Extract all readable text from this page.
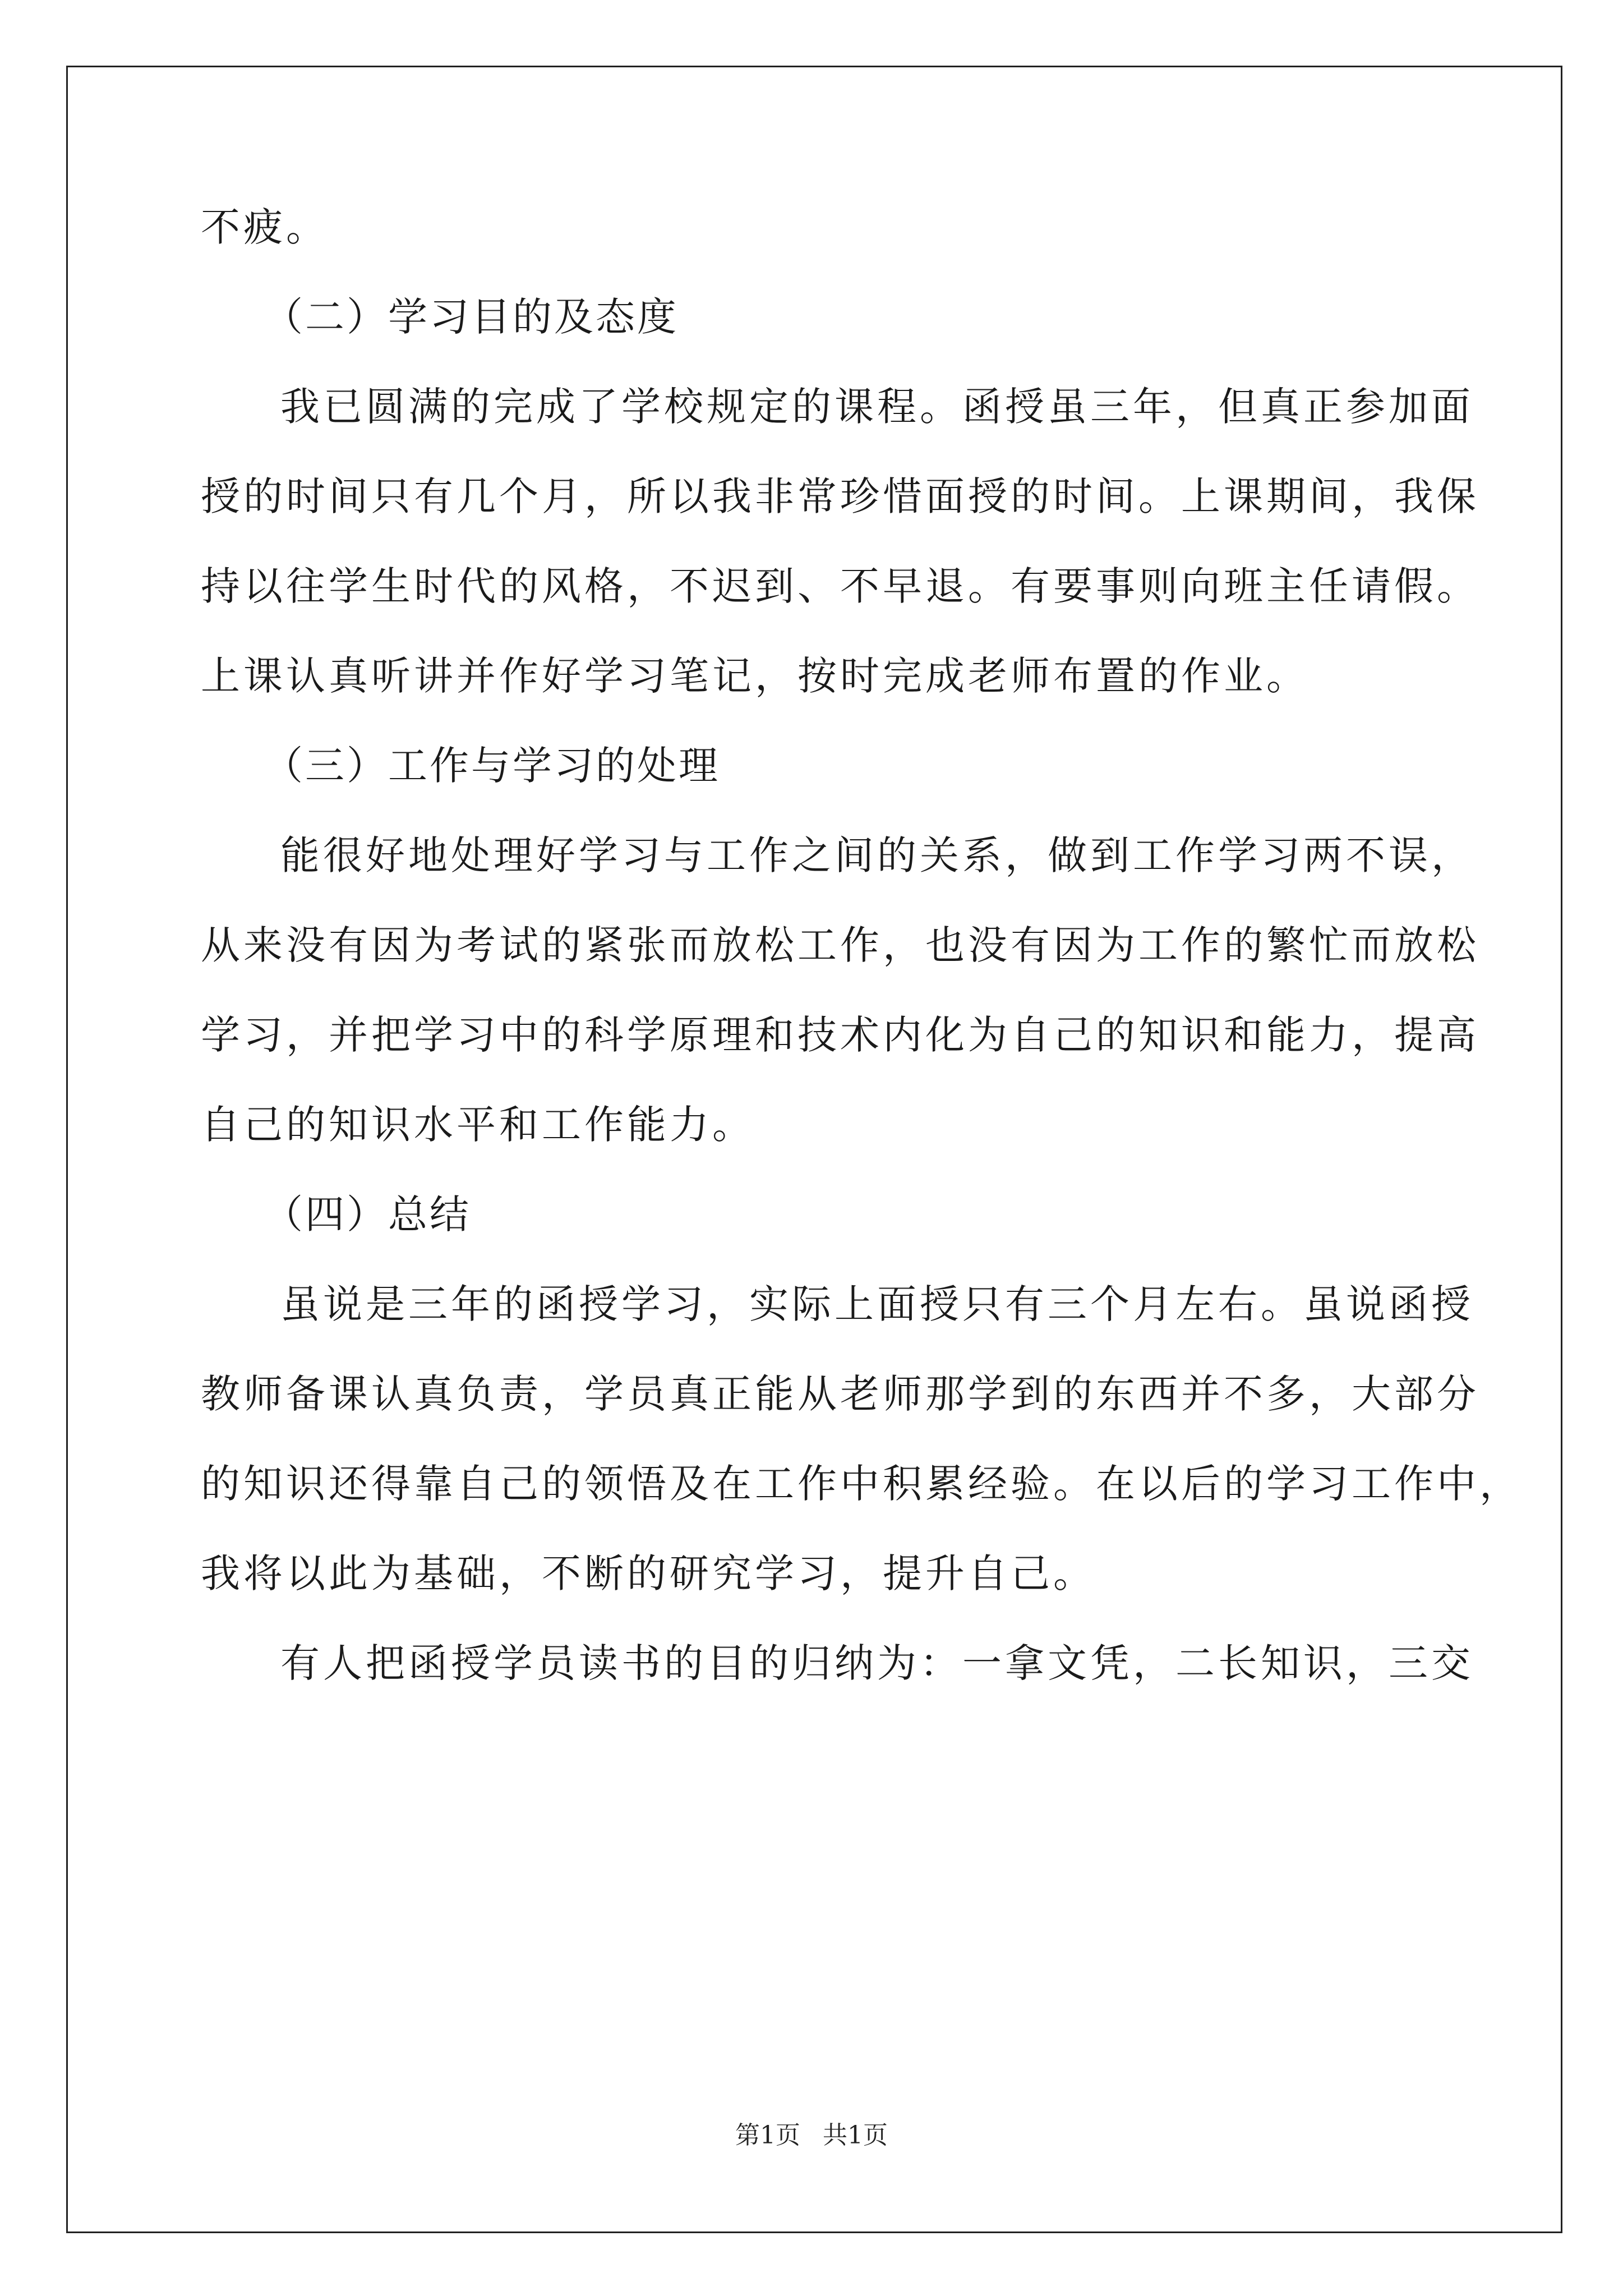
不疲。
（二）学习目的及态度
我已圆满的完成了学校规定的课程。函授虽三年，但真正参加面
授的时间只有几个月，所以我非常珍惜面授的时间。上课期间，我保
持以往学生时代的风格，不迟到、不早退。有要事则向班主任请假。
上课认真听讲并作好学习笔记，按时完成老师布置的作业。
（三）工作与学习的处理
能很好地处理好学习与工作之间的关系，做到工作学习两不误，
从来没有因为考试的紧张而放松工作，也没有因为工作的繁忙而放松
学习，并把学习中的科学原理和技术内化为自己的知识和能力，提高
自己的知识水平和工作能力。
（四）总结
虽说是三年的函授学习，实际上面授只有三个月左右。虽说函授
教师备课认真负责，学员真正能从老师那学到的东西并不多，大部分
的知识还得靠自己的领悟及在工作中积累经验。在以后的学习工作中，
我将以此为基础，不断的研究学习，提升自己。
有人把函授学员读书的目的归纳为：一拿文凭，二长知识，三交
第1页 共1页
